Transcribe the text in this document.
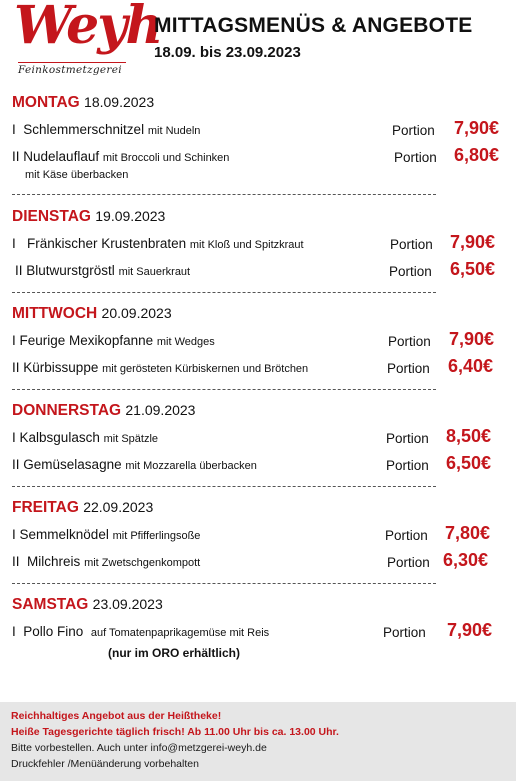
Weyh
Feinkostmetzgerei
MITTAGSMENÜS & ANGEBOTE
18.09. bis 23.09.2023
MONTAG 18.09.2023
I Schlemmerschnitzel mit Nudeln	Portion 7,90€
II Nudelauflauf mit Broccoli und Schinken	Portion 6,80€
mit Käse überbacken
DIENSTAG 19.09.2023
I Fränkischer Krustenbraten mit Kloß und Spitzkraut	Portion 7,90€
II Blutwurstgröstl mit Sauerkraut	Portion 6,50€
MITTWOCH 20.09.2023
I Feurige Mexikopfanne mit Wedges	Portion 7,90€
II Kürbissuppe mit gerösteten Kürbiskernen und Brötchen	Portion 6,40€
DONNERSTAG 21.09.2023
I Kalbsgulasch mit Spätzle	Portion 8,50€
II Gemüselasagne mit Mozzarella überbacken	Portion 6,50€
FREITAG 22.09.2023
I Semmelknödel mit Pfifferlingsoße	Portion 7,80€
II Milchreis mit Zwetschgenkompott	Portion 6,30€
SAMSTAG 23.09.2023
I Pollo Fino auf Tomatenpaprikagemüse mit Reis	Portion 7,90€
(nur im ORO erhältlich)
Reichhaltiges Angebot aus der Heißtheke!
Heiße Tagesgerichte täglich frisch! Ab 11.00 Uhr bis ca. 13.00 Uhr.
Bitte vorbestellen. Auch unter info@metzgerei-weyh.de
Druckfehler /Menüänderung vorbehalten
